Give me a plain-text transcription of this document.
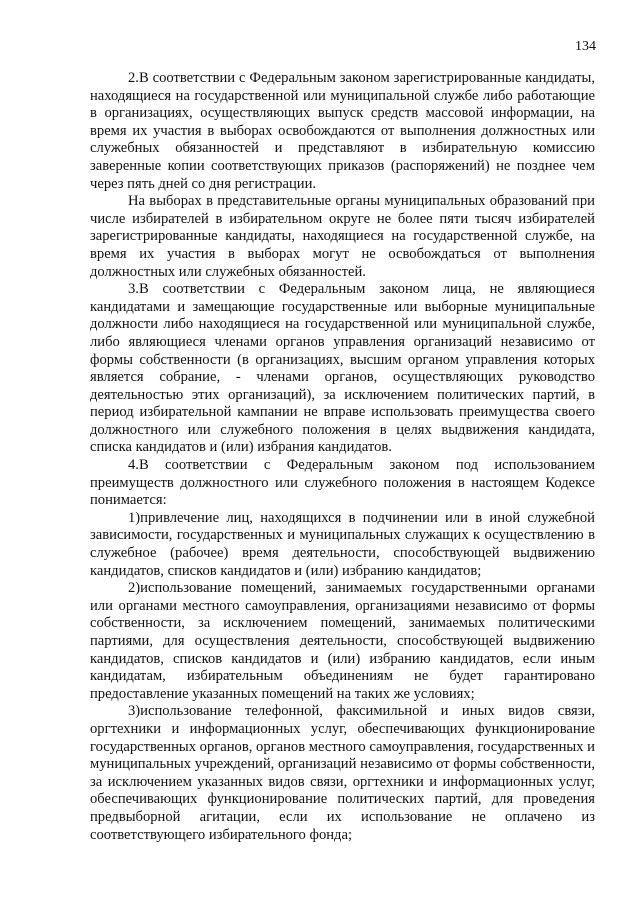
134

2.В соответствии с Федеральным законом зарегистрированные кандидаты, находящиеся на государственной или муниципальной службе либо работающие в организациях, осуществляющих выпуск средств массовой информации, на время их участия в выборах освобождаются от выполнения должностных или служебных обязанностей и представляют в избирательную комиссию заверенные копии соответствующих приказов (распоряжений) не позднее чем через пять дней со дня регистрации.

На выборах в представительные органы муниципальных образований при числе избирателей в избирательном округе не более пяти тысяч избирателей зарегистрированные кандидаты, находящиеся на государственной службе, на время их участия в выборах могут не освобождаться от выполнения должностных или служебных обязанностей.

3.В соответствии с Федеральным законом лица, не являющиеся кандидатами и замещающие государственные или выборные муниципальные должности либо находящиеся на государственной или муниципальной службе, либо являющиеся членами органов управления организаций независимо от формы собственности (в организациях, высшим органом управления которых является собрание, - членами органов, осуществляющих руководство деятельностью этих организаций), за исключением политических партий, в период избирательной кампании не вправе использовать преимущества своего должностного или служебного положения в целях выдвижения кандидата, списка кандидатов и (или) избрания кандидатов.

4.В соответствии с Федеральным законом под использованием преимуществ должностного или служебного положения в настоящем Кодексе понимается:

1)привлечение лиц, находящихся в подчинении или в иной служебной зависимости, государственных и муниципальных служащих к осуществлению в служебное (рабочее) время деятельности, способствующей выдвижению кандидатов, списков кандидатов и (или) избранию кандидатов;

2)использование помещений, занимаемых государственными органами или органами местного самоуправления, организациями независимо от формы собственности, за исключением помещений, занимаемых политическими партиями, для осуществления деятельности, способствующей выдвижению кандидатов, списков кандидатов и (или) избранию кандидатов, если иным кандидатам, избирательным объединениям не будет гарантировано предоставление указанных помещений на таких же условиях;

3)использование телефонной, факсимильной и иных видов связи, оргтехники и информационных услуг, обеспечивающих функционирование государственных органов, органов местного самоуправления, государственных и муниципальных учреждений, организаций независимо от формы собственности, за исключением указанных видов связи, оргтехники и информационных услуг, обеспечивающих функционирование политических партий, для проведения предвыборной агитации, если их использование не оплачено из соответствующего избирательного фонда;
